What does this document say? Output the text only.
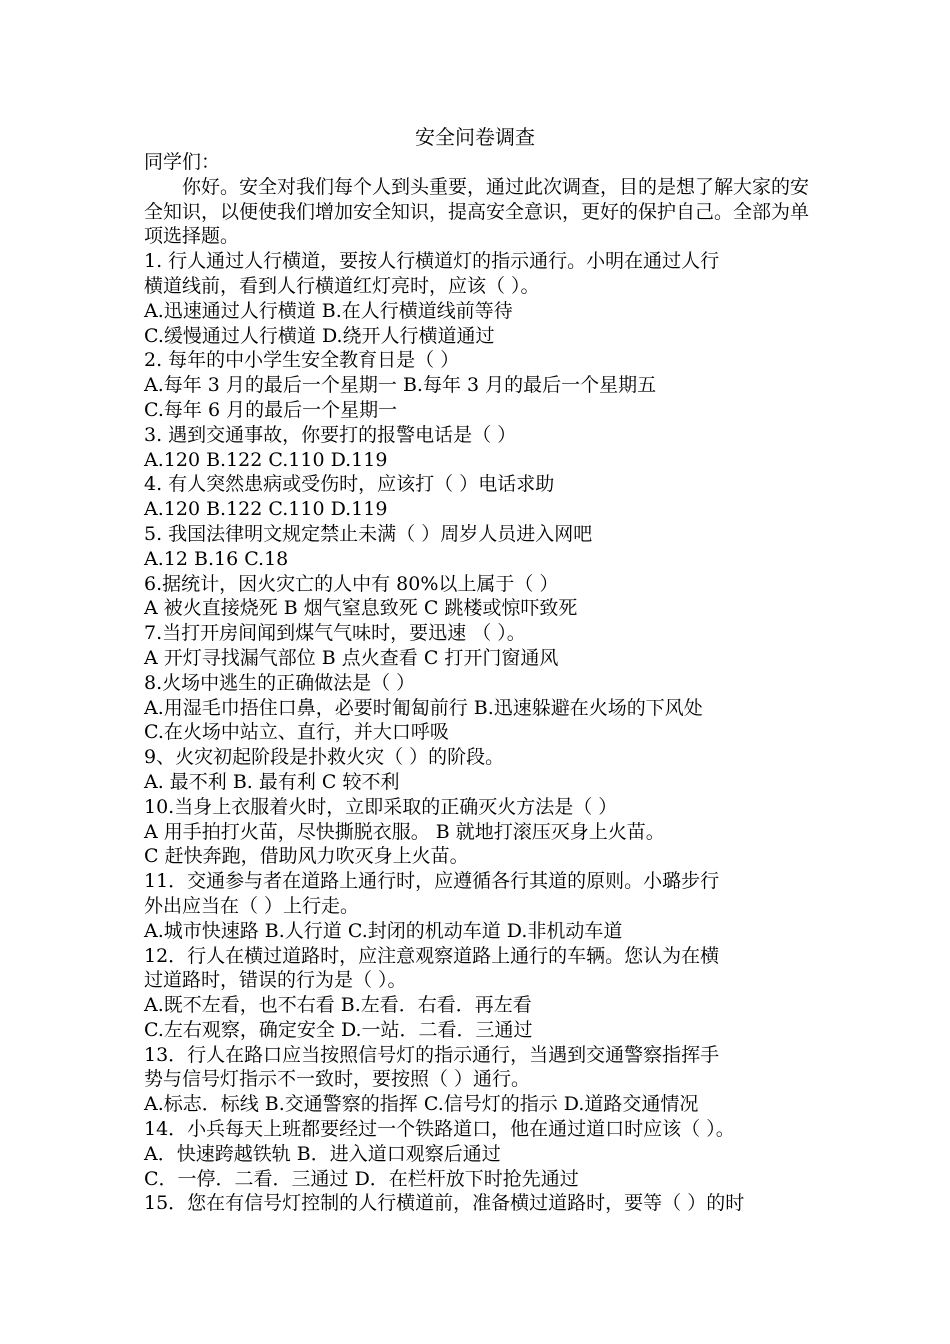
安全问卷调查

同学们：

你好。安全对我们每个人到头重要，通过此次调查，目的是想了解大家的安全知识，以便使我们增加安全知识，提高安全意识，更好的保护自己。全部为单项选择题。

1. 行人通过人行横道，要按人行横道灯的指示通行。小明在通过人行

横道线前，看到人行横道红灯亮时，应该（ ）。

A.迅速通过人行横道 B.在人行横道线前等待

C.缓慢通过人行横道 D.绕开人行横道通过

2. 每年的中小学生安全教育日是（ ）

A.每年 3 月的最后一个星期一 B.每年 3 月的最后一个星期五

C.每年 6 月的最后一个星期一

3. 遇到交通事故，你要打的报警电话是（ ）

A.120 B.122 C.110 D.119

4. 有人突然患病或受伤时，应该打（ ）电话求助

A.120 B.122 C.110 D.119

5. 我国法律明文规定禁止未满（ ）周岁人员进入网吧

A.12 B.16 C.18

6.据统计，因火灾亡的人中有 80%以上属于（ ）

A 被火直接烧死 B 烟气窒息致死 C 跳楼或惊吓致死

7.当打开房间闻到煤气气味时，要迅速 （ ）。

A 开灯寻找漏气部位 B 点火查看 C 打开门窗通风

8.火场中逃生的正确做法是（ ）

A.用湿毛巾捂住口鼻，必要时匍匐前行 B.迅速躲避在火场的下风处

C.在火场中站立、直行，并大口呼吸

9、火灾初起阶段是扑救火灾（ ）的阶段。

A. 最不利 B. 最有利 C 较不利

10.当身上衣服着火时，立即采取的正确灭火方法是（ ）

A 用手拍打火苗，尽快撕脱衣服。 B 就地打滚压灭身上火苗。

C 赶快奔跑，借助风力吹灭身上火苗。

11．交通参与者在道路上通行时，应遵循各行其道的原则。小璐步行

外出应当在（ ）上行走。

A.城市快速路 B.人行道 C.封闭的机动车道 D.非机动车道

12．行人在横过道路时，应注意观察道路上通行的车辆。您认为在横

过道路时，错误的行为是（ ）。

A.既不左看，也不右看 B.左看．右看．再左看

C.左右观察，确定安全 D.一站．二看．三通过

13．行人在路口应当按照信号灯的指示通行，当遇到交通警察指挥手

势与信号灯指示不一致时，要按照（ ）通行。

A.标志．标线 B.交通警察的指挥 C.信号灯的指示 D.道路交通情况

14．小兵每天上班都要经过一个铁路道口，他在通过道口时应该（ ）。

A．快速跨越铁轨 B．进入道口观察后通过

C．一停．二看．三通过 D．在栏杆放下时抢先通过

15．您在有信号灯控制的人行横道前，准备横过道路时，要等（ ）的时
